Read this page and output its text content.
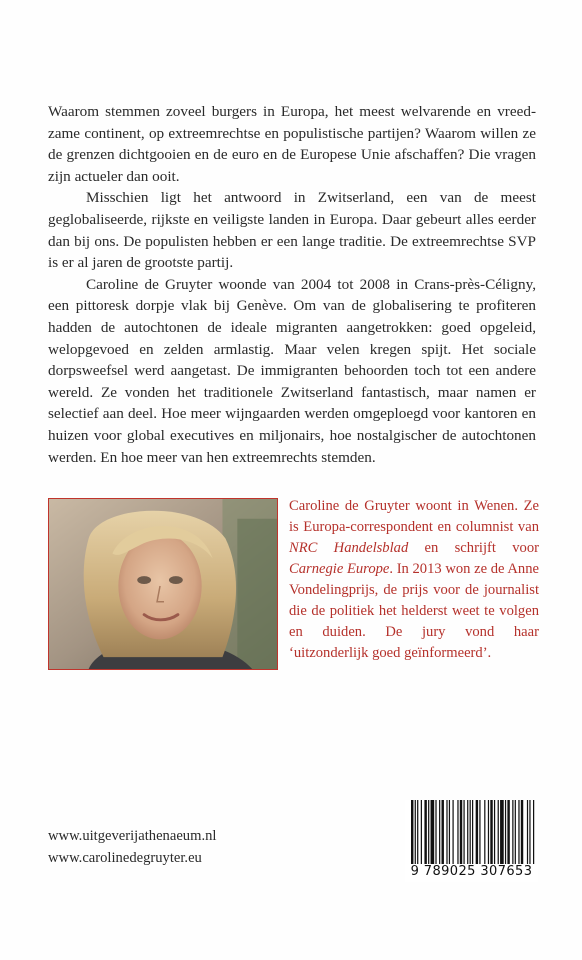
Waarom stemmen zoveel burgers in Europa, het meest welvarende en vreed-zame continent, op extreemrechtse en populistische partijen? Waarom willen ze de grenzen dichtgooien en de euro en de Europese Unie afschaffen? Die vragen zijn actueler dan ooit.

Misschien ligt het antwoord in Zwitserland, een van de meest geglobaliseerde, rijkste en veiligste landen in Europa. Daar gebeurt alles eerder dan bij ons. De populisten hebben er een lange traditie. De extreemrechtse SVP is er al jaren de grootste partij.

Caroline de Gruyter woonde van 2004 tot 2008 in Crans-près-Céligny, een pittoresk dorpje vlak bij Genève. Om van de globalisering te profiteren hadden de autochtonen de ideale migranten aangetrokken: goed opgeleid, welopgevoed en zelden armlastig. Maar velen kregen spijt. Het sociale dorpsweefsel werd aangetast. De immigranten behoorden toch tot een andere wereld. Ze vonden het traditionele Zwitserland fantastisch, maar namen er selectief aan deel. Hoe meer wijngaarden werden omgeploegd voor kantoren en huizen voor global executives en miljonairs, hoe nostalgischer de autochtonen werden. En hoe meer van hen extreemrechts stemden.

Caroline de Gruyter woont in Wenen. Ze is Europa-correspondent en columnist van NRC Handelsblad en schrijft voor Carnegie Europe. In 2013 won ze de Anne Vondelingprijs, de prijs voor de journalist die de politiek het helderst weet te volgen en duiden. De jury vond haar ‘uitzonderlijk goed geïnformeerd’.
www.uitgeverijathenaeum.nl
www.carolinedegruyter.eu
9 789025 307653
